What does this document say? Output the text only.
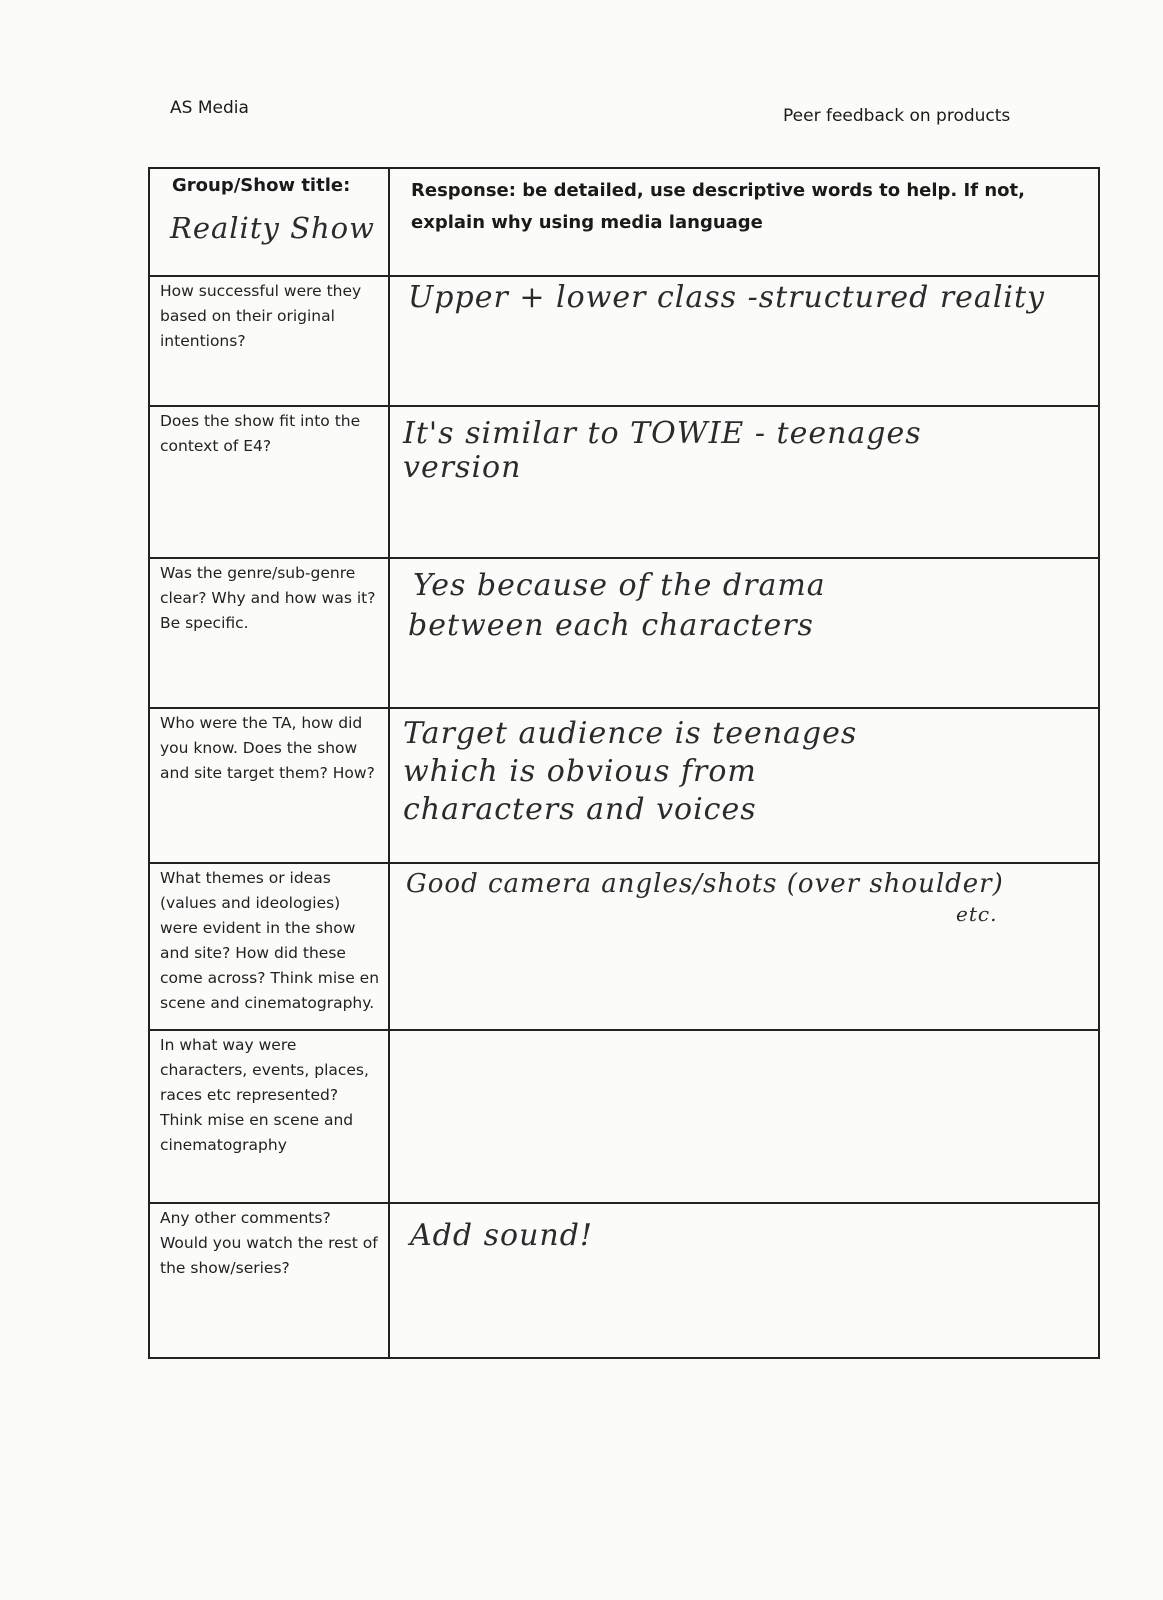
AS Media	Peer feedback on products
Group/Show title:
Reality Show
Response: be detailed, use descriptive words to help. If not, explain why using media language
How successful were they based on their original intentions?
Upper + lower class -structured reality
Does the show fit into the context of E4?	It's similar to TOWIE - teenages
version
Was the genre/sub-genre clear? Why and how was it? Be specific.
Yes because of the drama
between each characters
Who were the TA, how did you know. Does the show and site target them? How?
Target audience is teenages
which is obvious from
characters and voices
What themes or ideas (values and ideologies) were evident in the show and site? How did these come across? Think mise en scene and cinematography.
Good camera angles/shots (over shoulder)
etc.
In what way were characters, events, places, races etc represented? Think mise en scene and cinematography
Any other comments? Would you watch the rest of the show/series?
Add sound!
